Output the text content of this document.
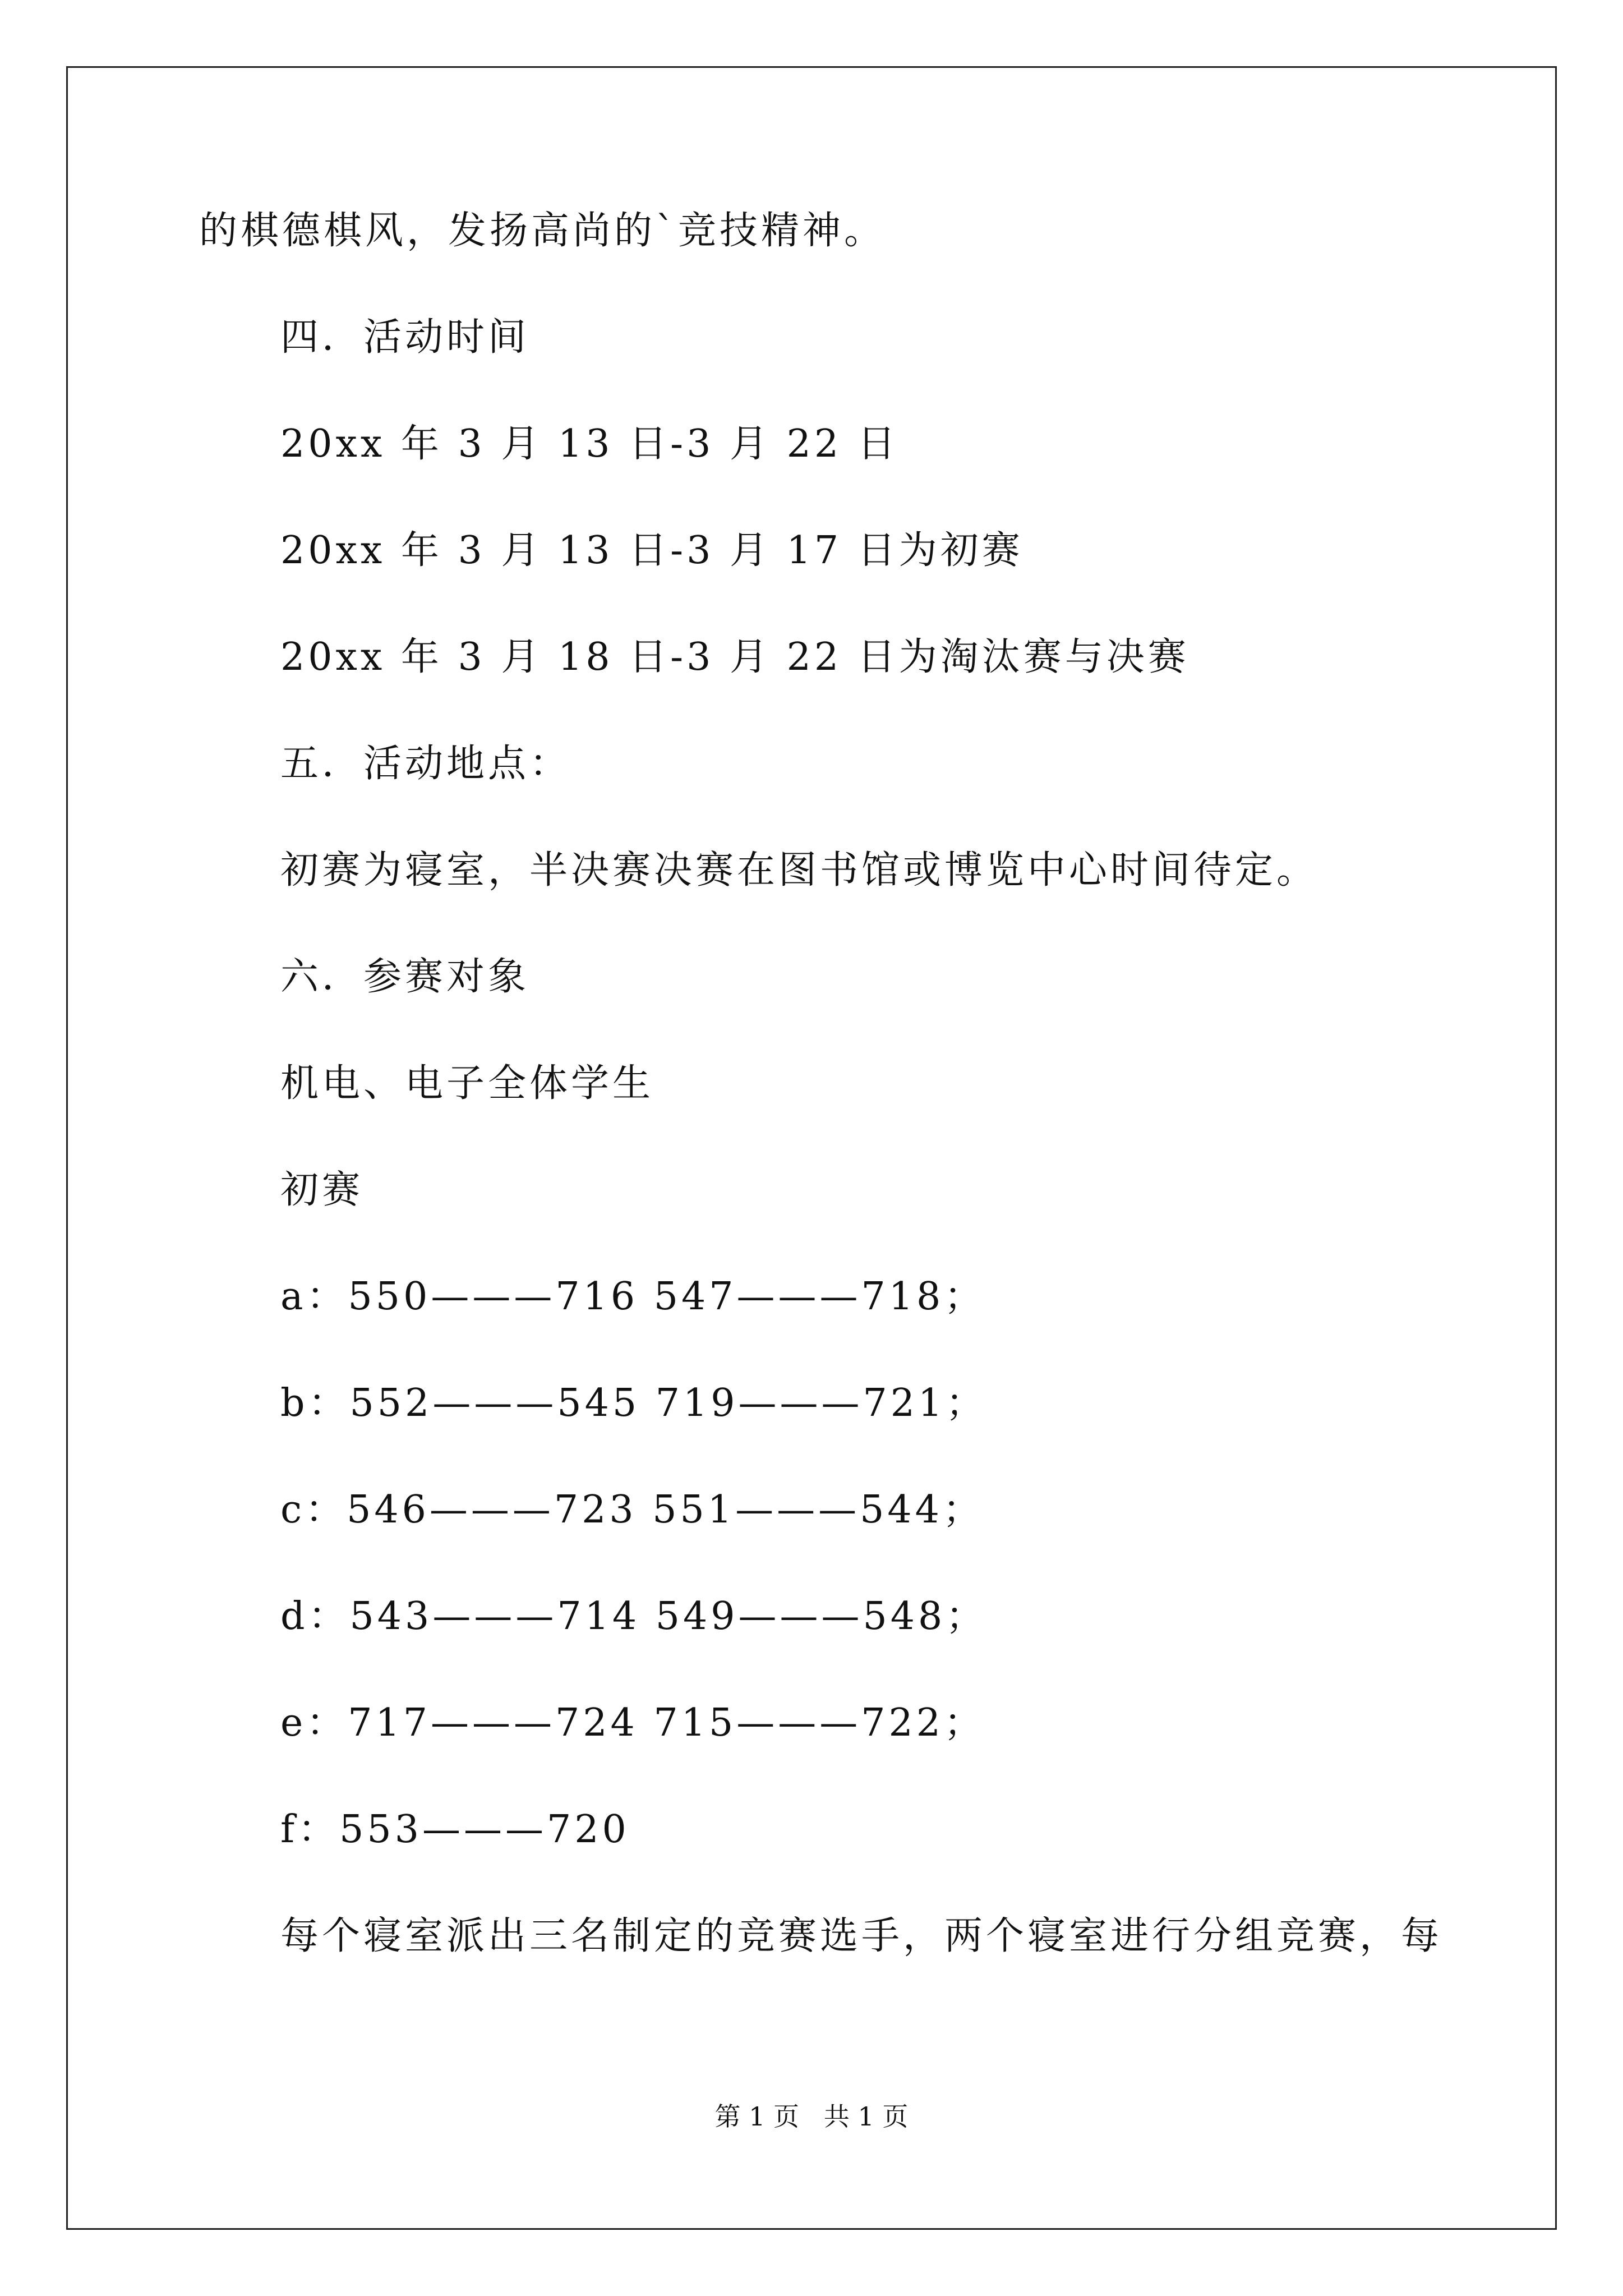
的棋德棋风，发扬高尚的`竞技精神。
四．活动时间
20xx 年 3 月 13 日-3 月 22 日
20xx 年 3 月 13 日-3 月 17 日为初赛
20xx 年 3 月 18 日-3 月 22 日为淘汰赛与决赛
五．活动地点：
初赛为寝室，半决赛决赛在图书馆或博览中心时间待定。
六．参赛对象
机电、电子全体学生
初赛
a：550———716 547———718；
b：552———545 719———721；
c：546———723 551———544；
d：543———714 549———548；
e：717———724 715———722；
f：553———720
每个寝室派出三名制定的竞赛选手，两个寝室进行分组竞赛，每
第 1 页   共 1 页
